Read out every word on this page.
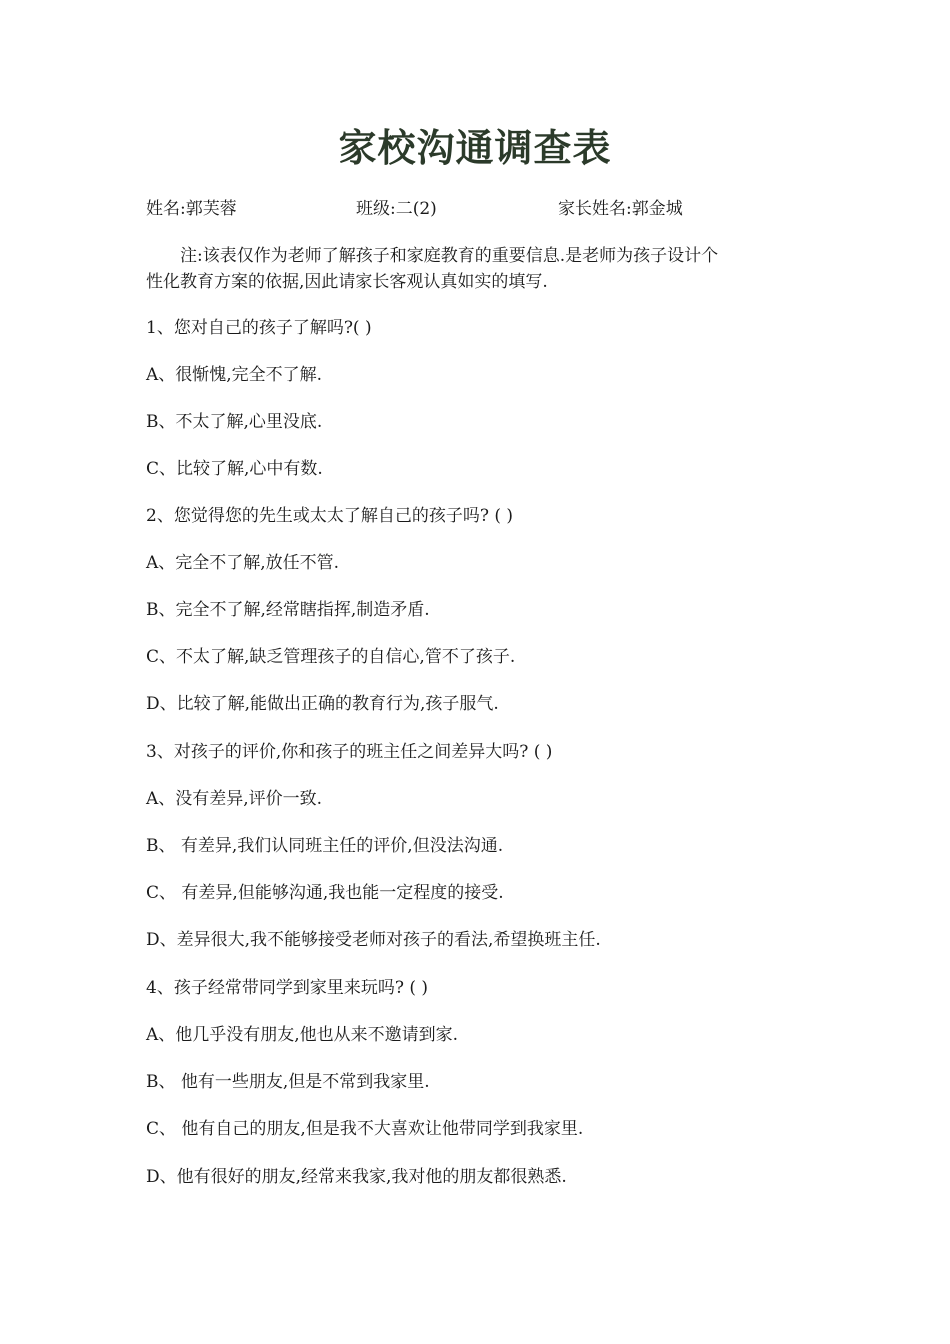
家校沟通调查表
姓名:郭芙蓉	班级:二(2)	家长姓名:郭金城
注:该表仅作为老师了解孩子和家庭教育的重要信息.是老师为孩子设计个
性化教育方案的依据,因此请家长客观认真如实的填写.
1、您对自己的孩子了解吗?( )
A、很惭愧,完全不了解.
B、不太了解,心里没底.
C、比较了解,心中有数.
2、您觉得您的先生或太太了解自己的孩子吗? ( )
A、完全不了解,放任不管.
B、完全不了解,经常瞎指挥,制造矛盾.
C、不太了解,缺乏管理孩子的自信心,管不了孩子.
D、比较了解,能做出正确的教育行为,孩子服气.
3、对孩子的评价,你和孩子的班主任之间差异大吗? ( )
A、没有差异,评价一致.
B、 有差异,我们认同班主任的评价,但没法沟通.
C、 有差异,但能够沟通,我也能一定程度的接受.
D、差异很大,我不能够接受老师对孩子的看法,希望换班主任.
4、孩子经常带同学到家里来玩吗? ( )
A、他几乎没有朋友,他也从来不邀请到家.
B、 他有一些朋友,但是不常到我家里.
C、 他有自己的朋友,但是我不大喜欢让他带同学到我家里.
D、他有很好的朋友,经常来我家,我对他的朋友都很熟悉.
